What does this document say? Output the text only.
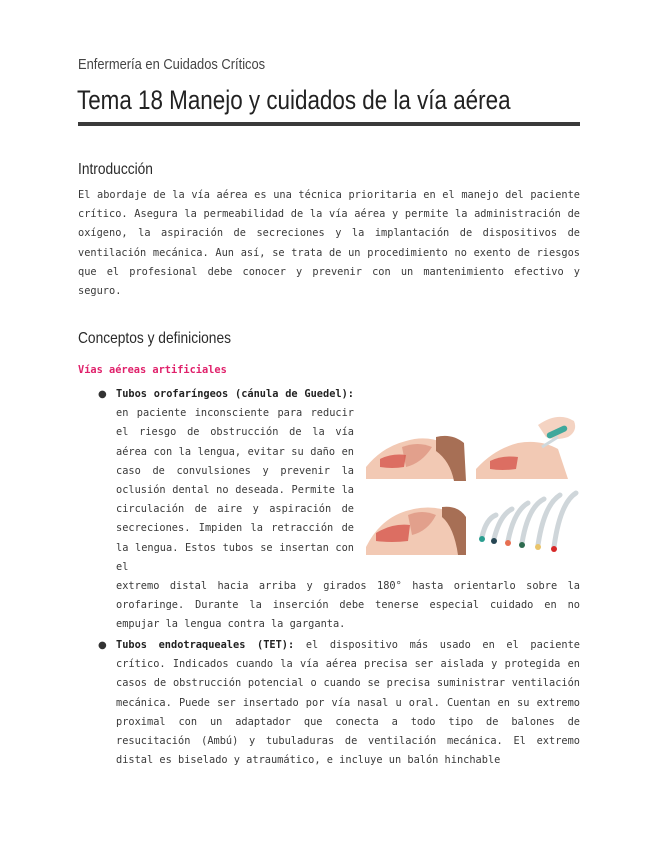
Enfermería en Cuidados Críticos
Tema 18 Manejo y cuidados de la vía aérea
Introducción

El abordaje de la vía aérea es una técnica prioritaria en el manejo del paciente crítico. Asegura la permeabilidad de la vía aérea y permite la administración de oxígeno, la aspiración de secreciones y la implantación de dispositivos de ventilación mecánica. Aun así, se trata de un procedimiento no exento de riesgos que el profesional debe conocer y prevenir con un mantenimiento efectivo y seguro.

Conceptos y definiciones
Vías aéreas artificiales
● Tubos orofaríngeos (cánula de Guedel): en paciente inconsciente para reducir el riesgo de obstrucción de la vía aérea con la lengua, evitar su daño en caso de convulsiones y prevenir la oclusión dental no deseada. Permite la circulación de aire y aspiración de secreciones. Impiden la retracción de la lengua. Estos tubos se insertan con el

extremo distal hacia arriba y girados 180° hasta orientarlo sobre la orofaringe. Durante la inserción debe tenerse especial cuidado en no empujar la lengua contra la garganta.

● Tubos endotraqueales (TET): el dispositivo más usado en el paciente crítico. Indicados cuando la vía aérea precisa ser aislada y protegida en casos de obstrucción potencial o cuando se precisa suministrar ventilación mecánica. Puede ser insertado por vía nasal u oral. Cuentan en su extremo proximal con un adaptador que conecta a todo tipo de balones de resucitación (Ambú) y tubuladuras de ventilación mecánica. El extremo distal es biselado y atraumático, e incluye un balón hinchable
